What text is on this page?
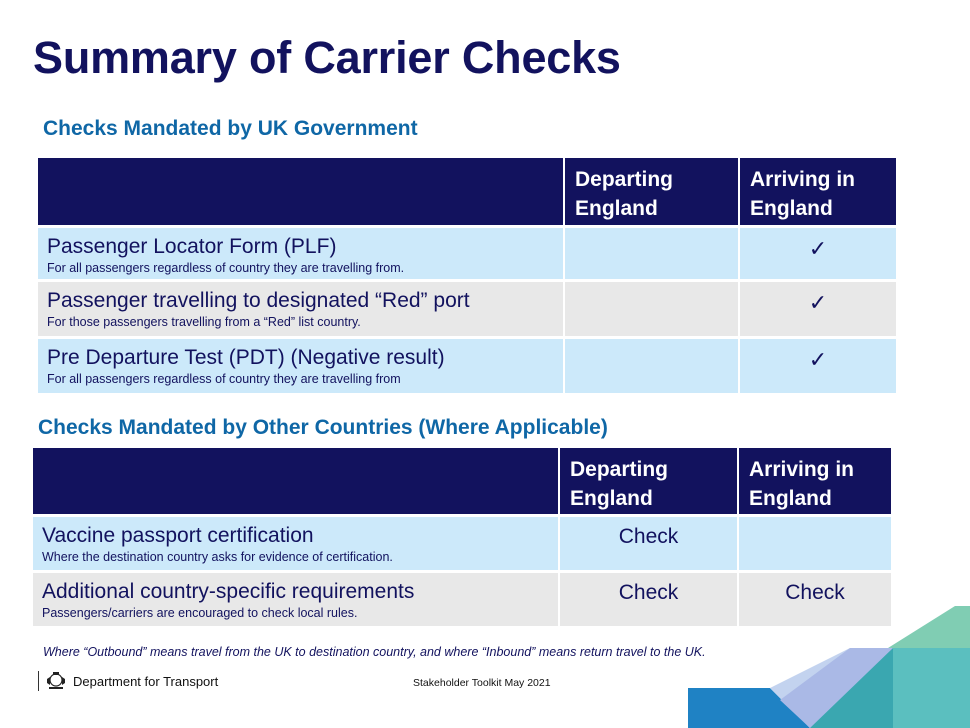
Summary of Carrier Checks
Checks Mandated by UK Government
	Departing England	Arriving in England

Passenger Locator Form (PLF)
For all passengers regardless of country they are travelling from.		✓

Passenger travelling to designated “Red” port
For those passengers travelling from a “Red” list country.		✓

Pre Departure Test (PDT) (Negative result)
For all passengers regardless of country they are travelling from		✓
Checks Mandated by Other Countries (Where Applicable)
	Departing England	Arriving in England

Vaccine passport certification
Where the destination country asks for evidence of certification.	Check	

Additional country-specific requirements
Passengers/carriers are encouraged to check local rules.	Check	Check
Where “Outbound” means travel from the UK to destination country, and where “Inbound” means return travel to the UK.
Department for Transport	Stakeholder Toolkit May 2021
